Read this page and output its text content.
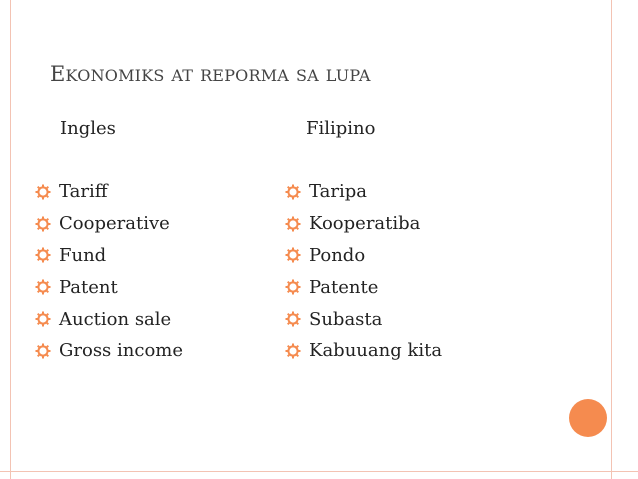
EKONOMIKS AT REPORMA SA LUPA
Ingles	Filipino
Tariff
Cooperative
Fund
Patent
Auction sale
Gross income
Taripa
Kooperatiba
Pondo
Patente
Subasta
Kabuuang kita
